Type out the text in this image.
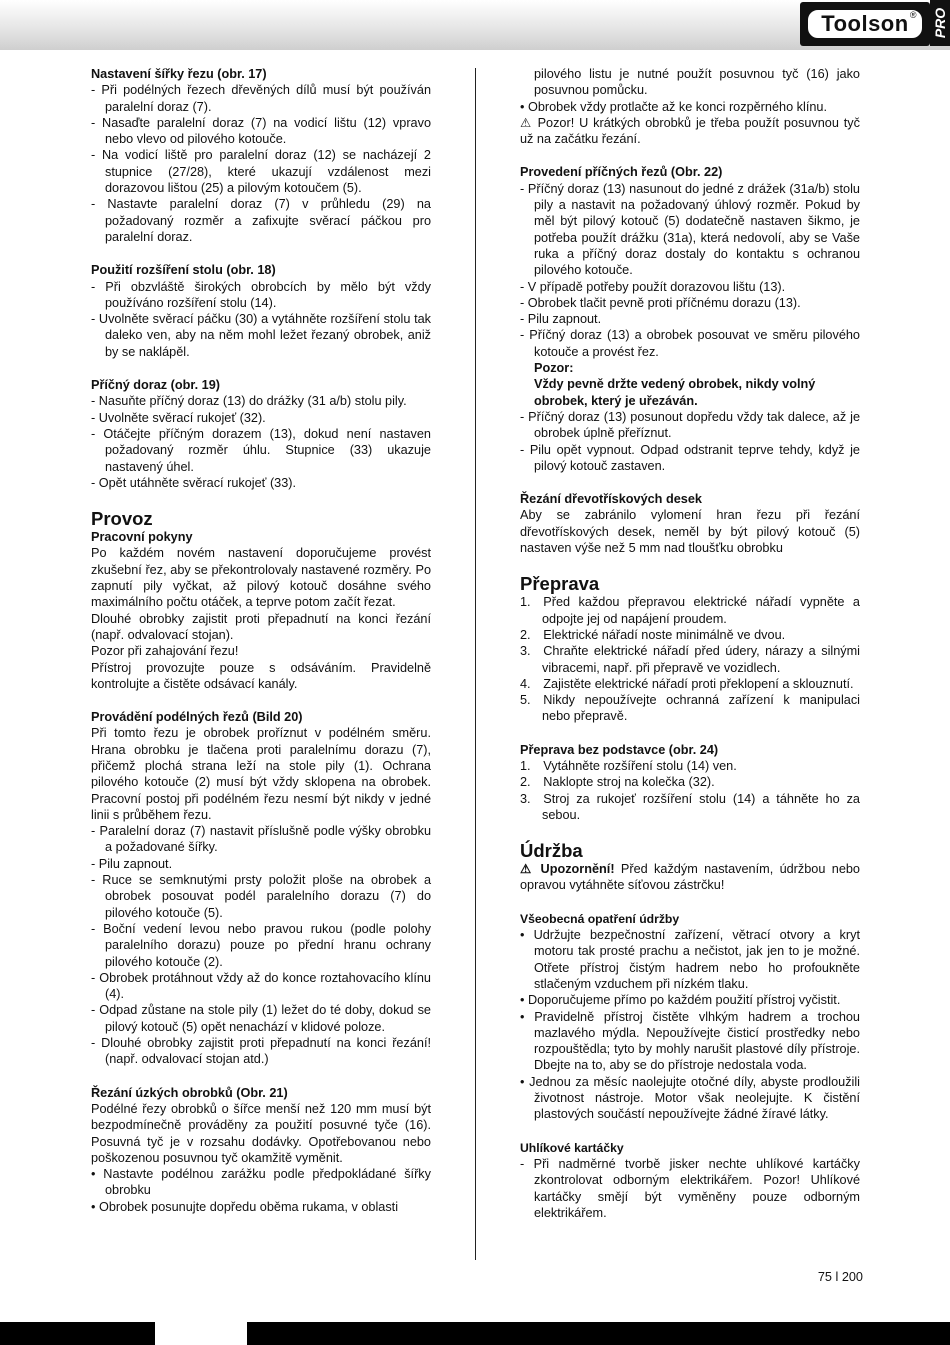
Toolson ® PRO
Nastavení šířky řezu (obr. 17)
- Při podélných řezech dřevěných dílů musí být používán paralelní doraz (7).
- Nasaďte paralelní doraz (7) na vodicí lištu (12) vpravo nebo vlevo od pilového kotouče.
- Na vodicí liště pro paralelní doraz (12) se nacházejí 2 stupnice (27/28), které ukazují vzdálenost mezi dorazovou lištou (25) a pilovým kotoučem (5).
- Nastavte paralelní doraz (7) v průhledu (29) na požadovaný rozměr a zafixujte svěrací páčkou pro paralelní doraz.
Použití rozšíření stolu (obr. 18)
- Při obzvláště širokých obrobcích by mělo být vždy používáno rozšíření stolu (14).
- Uvolněte svěrací páčku (30) a vytáhněte rozšíření stolu tak daleko ven, aby na něm mohl ležet řezaný obrobek, aniž by se naklápěl.
Příčný doraz (obr. 19)
- Nasuňte příčný doraz (13) do drážky (31 a/b) stolu pily.
- Uvolněte svěrací rukojeť (32).
- Otáčejte příčným dorazem (13), dokud není nastaven požadovaný rozměr úhlu. Stupnice (33) ukazuje nastavený úhel.
- Opět utáhněte svěrací rukojeť (33).
Provoz
Pracovní pokyny
Po každém novém nastavení doporučujeme provést zkušební řez, aby se překontrolovaly nastavené rozměry. Po zapnutí pily vyčkat, až pilový kotouč dosáhne svého maximálního počtu otáček, a teprve potom začít řezat.
Dlouhé obrobky zajistit proti přepadnutí na konci řezání (např. odvalovací stojan).
Pozor při zahajování řezu!
Přístroj provozujte pouze s odsáváním. Pravidelně kontrolujte a čistěte odsávací kanály.
Provádění podélných řezů (Bild 20)
Při tomto řezu je obrobek proříznut v podélném směru. Hrana obrobku je tlačena proti paralelnímu dorazu (7), přičemž plochá strana leží na stole pily (1). Ochrana pilového kotouče (2) musí být vždy sklopena na obrobek. Pracovní postoj při podélném řezu nesmí být nikdy v jedné linii s průběhem řezu.
- Paralelní doraz (7) nastavit příslušně podle výšky obrobku a požadované šířky.
- Pilu zapnout.
- Ruce se semknutými prsty položit ploše na obrobek a obrobek posouvat podél paralelního dorazu (7) do pilového kotouče (5).
- Boční vedení levou nebo pravou rukou (podle polohy paralelního dorazu) pouze po přední hranu ochrany pilového kotouče (2).
- Obrobek protáhnout vždy až do konce roztahovacího klínu (4).
- Odpad zůstane na stole pily (1) ležet do té doby, dokud se pilový kotouč (5) opět nenachází v klidové poloze.
- Dlouhé obrobky zajistit proti přepadnutí na konci řezání! (např. odvalovací stojan atd.)
Řezání úzkých obrobků (Obr. 21)
Podélné řezy obrobků o šířce menší než 120 mm musí být bezpodmínečně prováděny za použití posuvné tyče (16). Posuvná tyč je v rozsahu dodávky. Opotřebovanou nebo poškozenou posuvnou tyč okamžitě vyměnit.
• Nastavte podélnou zarážku podle předpokládané šířky obrobku
• Obrobek posunujte dopředu oběma rukama, v oblasti
pilového listu je nutné použít posuvnou tyč (16) jako posuvnou pomůcku.
• Obrobek vždy protlačte až ke konci rozpěrného klínu.
⚠ Pozor! U krátkých obrobků je třeba použít posuvnou tyč už na začátku řezání.
Provedení příčných řezů (Obr. 22)
- Příčný doraz (13) nasunout do jedné z drážek (31a/b) stolu pily a nastavit na požadovaný úhlový rozměr. Pokud by měl být pilový kotouč (5) dodatečně nastaven šikmo, je potřeba použít drážku (31a), která nedovolí, aby se Vaše ruka a příčný doraz dostaly do kontaktu s ochranou pilového kotouče.
- V případě potřeby použít dorazovou lištu (13).
- Obrobek tlačit pevně proti příčnému dorazu (13).
- Pilu zapnout.
- Příčný doraz (13) a obrobek posouvat ve směru pilového kotouče a provést řez.
Pozor:
Vždy pevně držte vedený obrobek, nikdy volný obrobek, který je uřezáván.
- Příčný doraz (13) posunout dopředu vždy tak dalece, až je obrobek úplně přeříznut.
- Pilu opět vypnout. Odpad odstranit teprve tehdy, když je pilový kotouč zastaven.
Řezání dřevotřískových desek
Aby se zabránilo vylomení hran řezu při řezání dřevotřískových desek, neměl by být pilový kotouč (5) nastaven výše než 5 mm nad tloušťku obrobku
Přeprava
1. Před každou přepravou elektrické nářadí vypněte a odpojte jej od napájení proudem.
2. Elektrické nářadí noste minimálně ve dvou.
3. Chraňte elektrické nářadí před údery, nárazy a silnými vibracemi, např. při přepravě ve vozidlech.
4. Zajistěte elektrické nářadí proti překlopení a sklouznutí.
5. Nikdy nepoužívejte ochranná zařízení k manipulaci nebo přepravě.
Přeprava bez podstavce (obr. 24)
1. Vytáhněte rozšíření stolu (14) ven.
2. Naklopte stroj na kolečka (32).
3. Stroj za rukojeť rozšíření stolu (14) a táhněte ho za sebou.
Údržba
⚠ Upozornění! Před každým nastavením, údržbou nebo opravou vytáhněte síťovou zástrčku!
Všeobecná opatření údržby
• Udržujte bezpečnostní zařízení, větrací otvory a kryt motoru tak prosté prachu a nečistot, jak jen to je možné. Otřete přístroj čistým hadrem nebo ho profoukněte stlačeným vzduchem při nízkém tlaku.
• Doporučujeme přímo po každém použití přístroj vyčistit.
• Pravidelně přístroj čistěte vlhkým hadrem a trochou mazlavého mýdla. Nepoužívejte čisticí prostředky nebo rozpouštědla; tyto by mohly narušit plastové díly přístroje. Dbejte na to, aby se do přístroje nedostala voda.
• Jednou za měsíc naolejujte otočné díly, abyste prodloužili životnost nástroje. Motor však neolejujte. K čistění plastových součástí nepoužívejte žádné žíravé látky.
Uhlíkové kartáčky
- Při nadměrné tvorbě jisker nechte uhlíkové kartáčky zkontrolovat odborným elektrikářem. Pozor! Uhlíkové kartáčky smějí být vyměněny pouze odborným elektrikářem.
75 l 200
